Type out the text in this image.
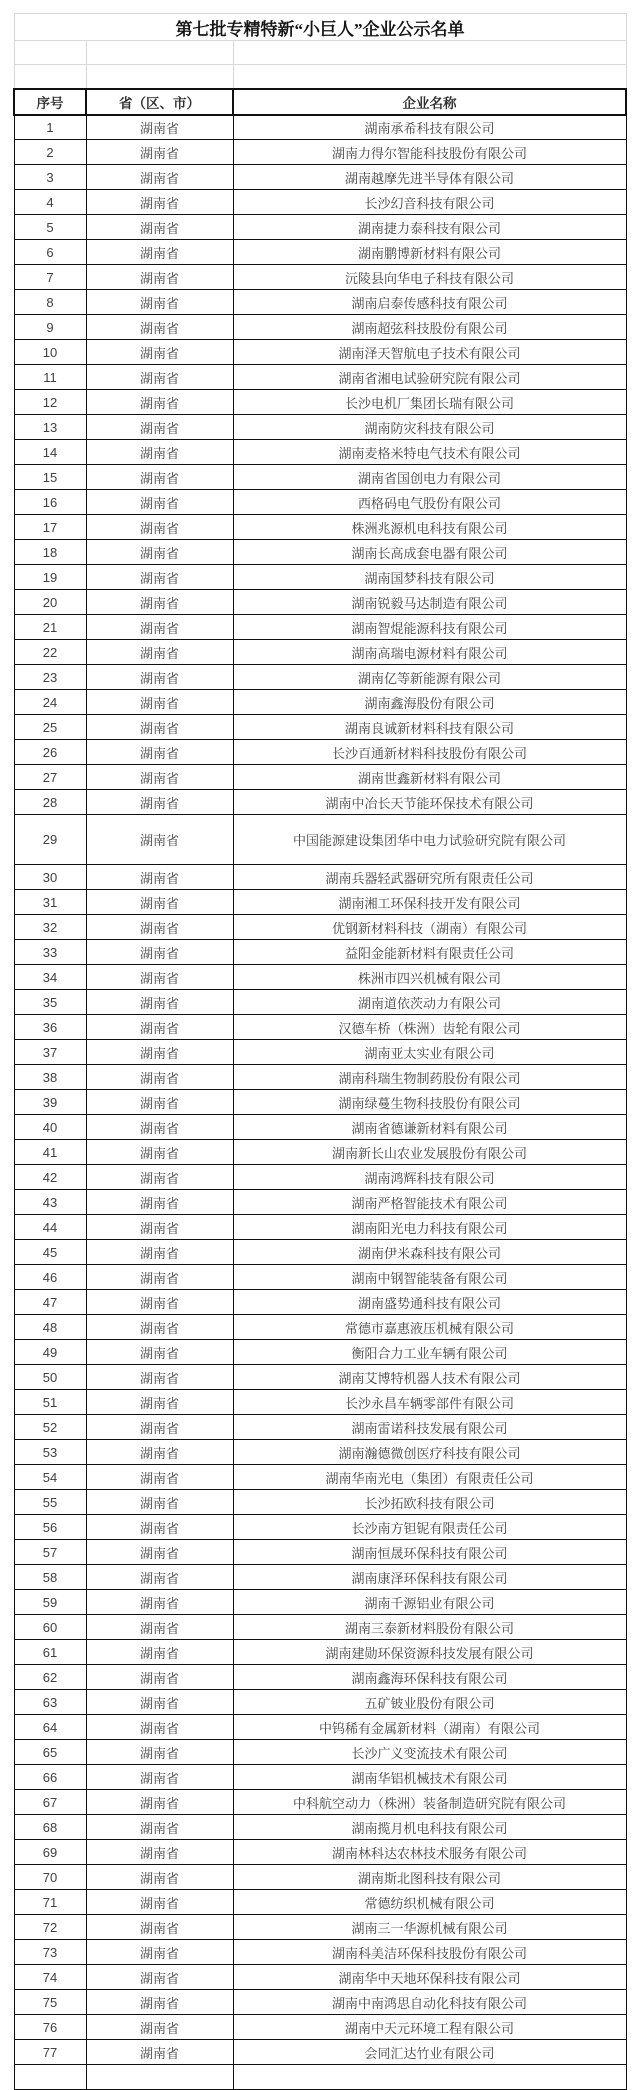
第七批专精特新“小巨人”企业公示名单		

序号	省（区、市）	企业名称
1	湖南省	湖南承希科技有限公司
2	湖南省	湖南力得尔智能科技股份有限公司
3	湖南省	湖南越摩先进半导体有限公司
4	湖南省	长沙幻音科技有限公司
5	湖南省	湖南捷力泰科技有限公司
6	湖南省	湖南鹏博新材料有限公司
7	湖南省	沅陵县向华电子科技有限公司
8	湖南省	湖南启泰传感科技有限公司
9	湖南省	湖南超弦科技股份有限公司
10	湖南省	湖南泽天智航电子技术有限公司
11	湖南省	湖南省湘电试验研究院有限公司
12	湖南省	长沙电机厂集团长瑞有限公司
13	湖南省	湖南防灾科技有限公司
14	湖南省	湖南麦格米特电气技术有限公司
15	湖南省	湖南省国创电力有限公司
16	湖南省	西格码电气股份有限公司
17	湖南省	株洲兆源机电科技有限公司
18	湖南省	湖南长高成套电器有限公司
19	湖南省	湖南国梦科技有限公司
20	湖南省	湖南锐毅马达制造有限公司
21	湖南省	湖南智焜能源科技有限公司
22	湖南省	湖南高瑞电源材料有限公司
23	湖南省	湖南亿等新能源有限公司
24	湖南省	湖南鑫海股份有限公司
25	湖南省	湖南良诚新材料科技有限公司
26	湖南省	长沙百通新材料科技股份有限公司
27	湖南省	湖南世鑫新材料有限公司
28	湖南省	湖南中冶长天节能环保技术有限公司
29	湖南省	中国能源建设集团华中电力试验研究院有限公司
30	湖南省	湖南兵器轻武器研究所有限责任公司
31	湖南省	湖南湘工环保科技开发有限公司
32	湖南省	优钢新材料科技（湖南）有限公司
33	湖南省	益阳金能新材料有限责任公司
34	湖南省	株洲市四兴机械有限公司
35	湖南省	湖南道依茨动力有限公司
36	湖南省	汉德车桥（株洲）齿轮有限公司
37	湖南省	湖南亚太实业有限公司
38	湖南省	湖南科瑞生物制药股份有限公司
39	湖南省	湖南绿蔓生物科技股份有限公司
40	湖南省	湖南省德谦新材料有限公司
41	湖南省	湖南新长山农业发展股份有限公司
42	湖南省	湖南鸿辉科技有限公司
43	湖南省	湖南严格智能技术有限公司
44	湖南省	湖南阳光电力科技有限公司
45	湖南省	湖南伊米森科技有限公司
46	湖南省	湖南中钢智能装备有限公司
47	湖南省	湖南盛势通科技有限公司
48	湖南省	常德市嘉惠液压机械有限公司
49	湖南省	衡阳合力工业车辆有限公司
50	湖南省	湖南艾博特机器人技术有限公司
51	湖南省	长沙永昌车辆零部件有限公司
52	湖南省	湖南雷诺科技发展有限公司
53	湖南省	湖南瀚德微创医疗科技有限公司
54	湖南省	湖南华南光电（集团）有限责任公司
55	湖南省	长沙拓欧科技有限公司
56	湖南省	长沙南方钽铌有限责任公司
57	湖南省	湖南恒晟环保科技有限公司
58	湖南省	湖南康泽环保科技有限公司
59	湖南省	湖南千源铝业有限公司
60	湖南省	湖南三泰新材料股份有限公司
61	湖南省	湖南建勋环保资源科技发展有限公司
62	湖南省	湖南鑫海环保科技有限公司
63	湖南省	五矿铍业股份有限公司
64	湖南省	中钨稀有金属新材料（湖南）有限公司
65	湖南省	长沙广义变流技术有限公司
66	湖南省	湖南华铝机械技术有限公司
67	湖南省	中科航空动力（株洲）装备制造研究院有限公司
68	湖南省	湖南揽月机电科技有限公司
69	湖南省	湖南林科达农林技术服务有限公司
70	湖南省	湖南斯北图科技有限公司
71	湖南省	常德纺织机械有限公司
72	湖南省	湖南三一华源机械有限公司
73	湖南省	湖南科美洁环保科技股份有限公司
74	湖南省	湖南华中天地环保科技有限公司
75	湖南省	湖南中南鸿思自动化科技有限公司
76	湖南省	湖南中天元环境工程有限公司
77	湖南省	会同汇达竹业有限公司
